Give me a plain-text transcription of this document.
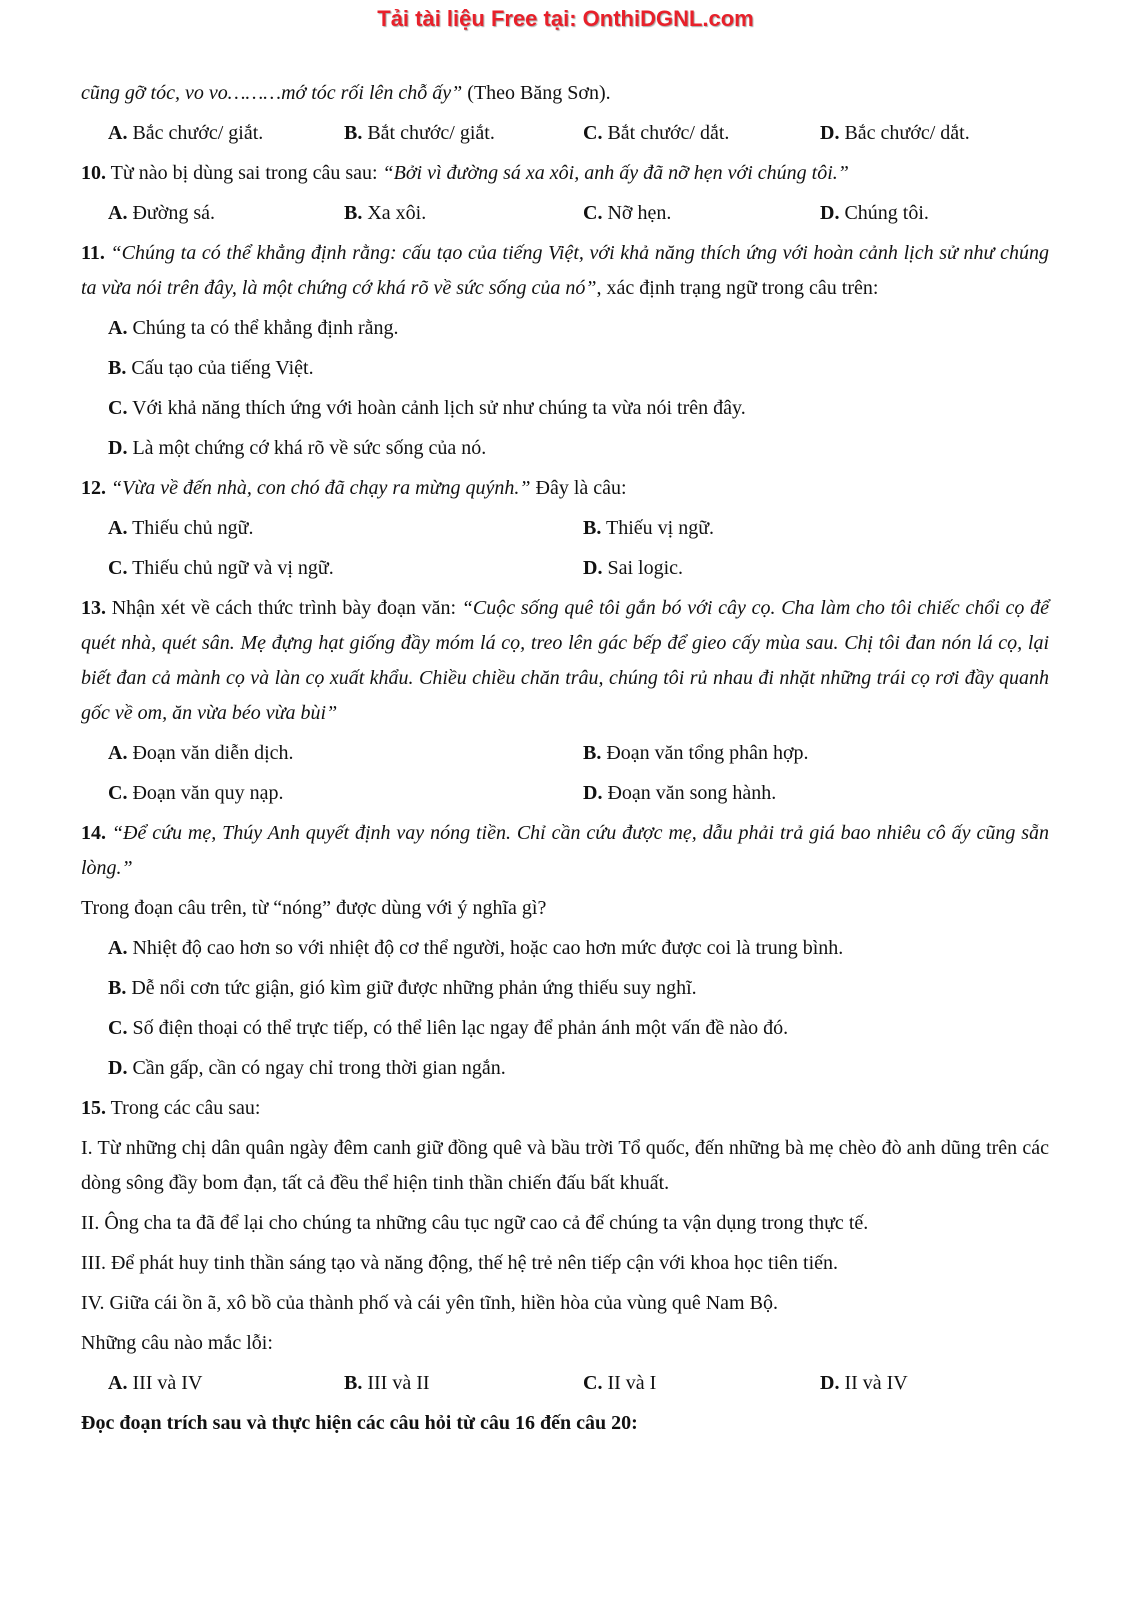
Tải tài liệu Free tại: OnthiDGNL.com

cũng gỡ tóc, vo vo………mớ tóc rối lên chỗ ấy” (Theo Băng Sơn).

A. Bắc chước/ giắt.	B. Bắt chước/ giắt.	C. Bắt chước/ dắt.	D. Bắc chước/ dắt.

10. Từ nào bị dùng sai trong câu sau: “Bởi vì đường sá xa xôi, anh ấy đã nỡ hẹn với chúng tôi.”

A. Đường sá.	B. Xa xôi.	C. Nỡ hẹn.	D. Chúng tôi.

11. “Chúng ta có thể khẳng định rằng: cấu tạo của tiếng Việt, với khả năng thích ứng với hoàn cảnh lịch sử như chúng ta vừa nói trên đây, là một chứng cớ khá rõ về sức sống của nó”, xác định trạng ngữ trong câu trên:

A. Chúng ta có thể khẳng định rằng.

B. Cấu tạo của tiếng Việt.

C. Với khả năng thích ứng với hoàn cảnh lịch sử như chúng ta vừa nói trên đây.

D. Là một chứng cớ khá rõ về sức sống của nó.

12. “Vừa về đến nhà, con chó đã chạy ra mừng quýnh.” Đây là câu:

A. Thiếu chủ ngữ.	B. Thiếu vị ngữ.
C. Thiếu chủ ngữ và vị ngữ.	D. Sai logic.

13. Nhận xét về cách thức trình bày đoạn văn: “Cuộc sống quê tôi gắn bó với cây cọ. Cha làm cho tôi chiếc chổi cọ để quét nhà, quét sân. Mẹ đựng hạt giống đầy móm lá cọ, treo lên gác bếp để gieo cấy mùa sau. Chị tôi đan nón lá cọ, lại biết đan cả mành cọ và làn cọ xuất khẩu. Chiều chiều chăn trâu, chúng tôi rủ nhau đi nhặt những trái cọ rơi đầy quanh gốc về om, ăn vừa béo vừa bùi”

A. Đoạn văn diễn dịch.	B. Đoạn văn tổng phân hợp.
C. Đoạn văn quy nạp.	D. Đoạn văn song hành.

14. “Để cứu mẹ, Thúy Anh quyết định vay nóng tiền. Chỉ cần cứu được mẹ, dẫu phải trả giá bao nhiêu cô ấy cũng sẵn lòng.”

Trong đoạn câu trên, từ “nóng” được dùng với ý nghĩa gì?

A. Nhiệt độ cao hơn so với nhiệt độ cơ thể người, hoặc cao hơn mức được coi là trung bình.

B. Dễ nổi cơn tức giận, gió kìm giữ được những phản ứng thiếu suy nghĩ.

C. Số điện thoại có thể trực tiếp, có thể liên lạc ngay để phản ánh một vấn đề nào đó.

D. Cần gấp, cần có ngay chỉ trong thời gian ngắn.

15. Trong các câu sau:

I. Từ những chị dân quân ngày đêm canh giữ đồng quê và bầu trời Tổ quốc, đến những bà mẹ chèo đò anh dũng trên các dòng sông đầy bom đạn, tất cả đều thể hiện tinh thần chiến đấu bất khuất.

II. Ông cha ta đã để lại cho chúng ta những câu tục ngữ cao cả để chúng ta vận dụng trong thực tế.

III. Để phát huy tinh thần sáng tạo và năng động, thế hệ trẻ nên tiếp cận với khoa học tiên tiến.

IV. Giữa cái ồn ã, xô bồ của thành phố và cái yên tĩnh, hiền hòa của vùng quê Nam Bộ.

Những câu nào mắc lỗi:

A. III và IV	B. III và II	C. II và I	D. II và IV

Đọc đoạn trích sau và thực hiện các câu hỏi từ câu 16 đến câu 20:
